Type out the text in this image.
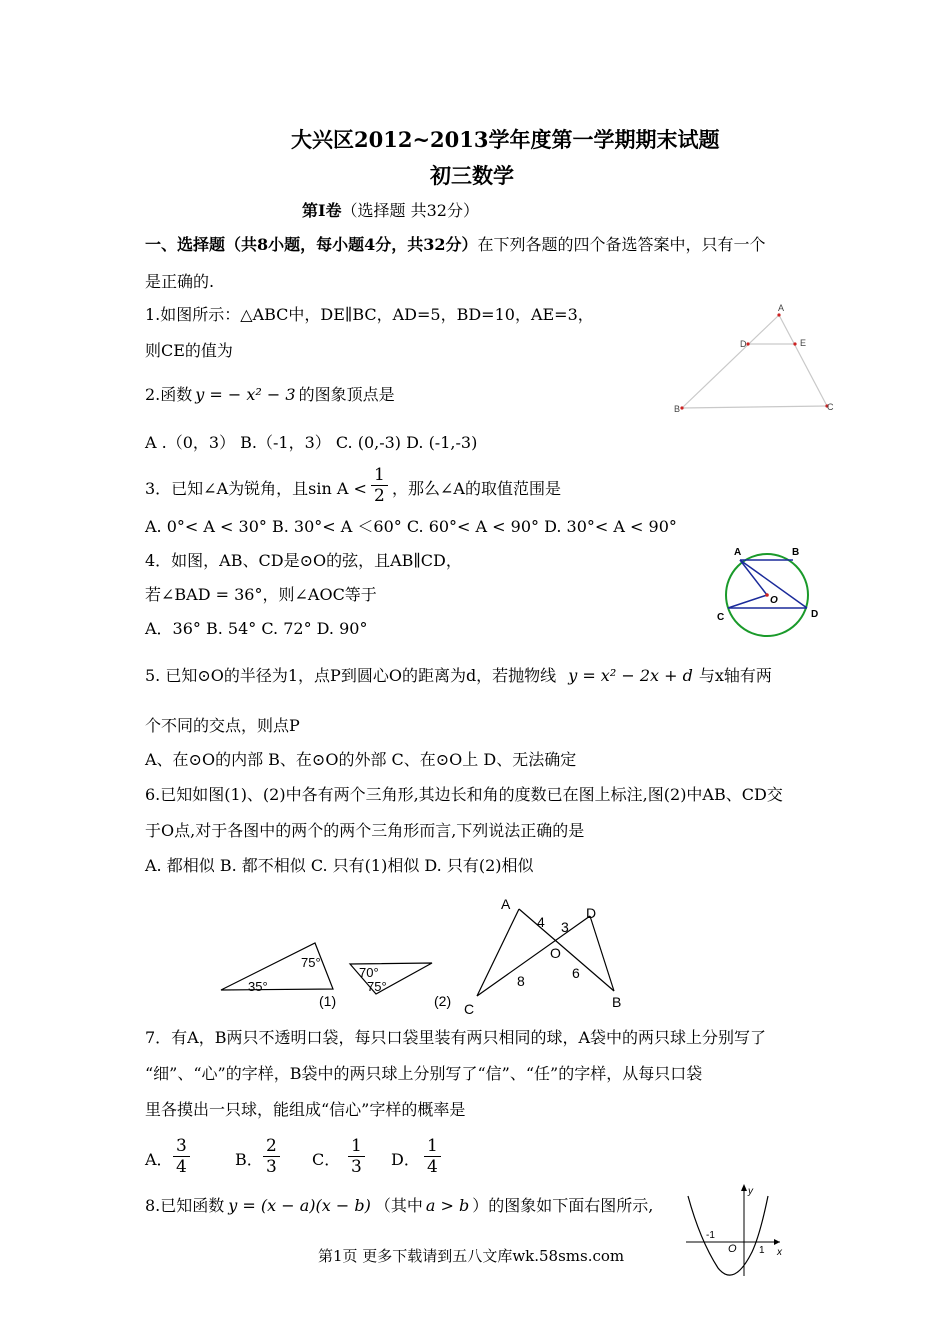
大兴区2012~2013学年度第一学期期末试题
初三数学
第Ⅰ卷（选择题 共32分）
一、选择题（共8小题，每小题4分，共32分）在下列各题的四个备选答案中，只有一个
是正确的.
1.如图所示：△ABC中，DE∥BC，AD=5，BD=10，AE=3，
则CE的值为
A
D	E
B	C
2.函数 y = − x² − 3 的图象顶点是
A .（0，3） B.（-1，3） C. (0,-3) D. (-1,-3)
3．已知∠A为锐角，且$\sin A < \frac{1}{2}$ ，那么∠A的取值范围是
A. 0°< A < 30° B. 30°< A ＜60° C. 60°< A < 90° D. 30°< A < 90°
4．如图，AB、CD是⊙O的弦，且AB∥CD，
若∠BAD = 36°，则∠AOC等于
A．36° B. 54° C. 72° D. 90°
A	B
C	D
O
5. 已知⊙O的半径为1，点P到圆心O的距离为d，若抛物线 y = x² − 2x + d 与x轴有两
个不同的交点，则点P
A、在⊙O的内部 B、在⊙O的外部 C、在⊙O上 D、无法确定
6.已知如图(1)、(2)中各有两个三角形,其边长和角的度数已在图上标注,图(2)中AB、CD交
于O点,对于各图中的两个的两个三角形而言,下列说法正确的是
A. 都相似 B. 都不相似 C. 只有(1)相似 D. 只有(2)相似
75°
35°
70°
75°
(1)	(2)
A
D
C	B
O
4 3
8	6
7．有A，B两只不透明口袋，每只口袋里装有两只相同的球，A袋中的两只球上分别写了
“细”、“心”的字样，B袋中的两只球上分别写了“信”、“任”的字样，从每只口袋
里各摸出一只球，能组成“信心”字样的概率是
A． $\frac{3}{4}$	B． $\frac{2}{3}$ C． $\frac{1}{3}$ D． $\frac{1}{4}$
8.已知函数 y = (x − a)(x − b) （其中 a > b ）的图象如下面右图所示,
y
x
O
-1
1
第1页 更多下载请到五八文库wk.58sms.com
